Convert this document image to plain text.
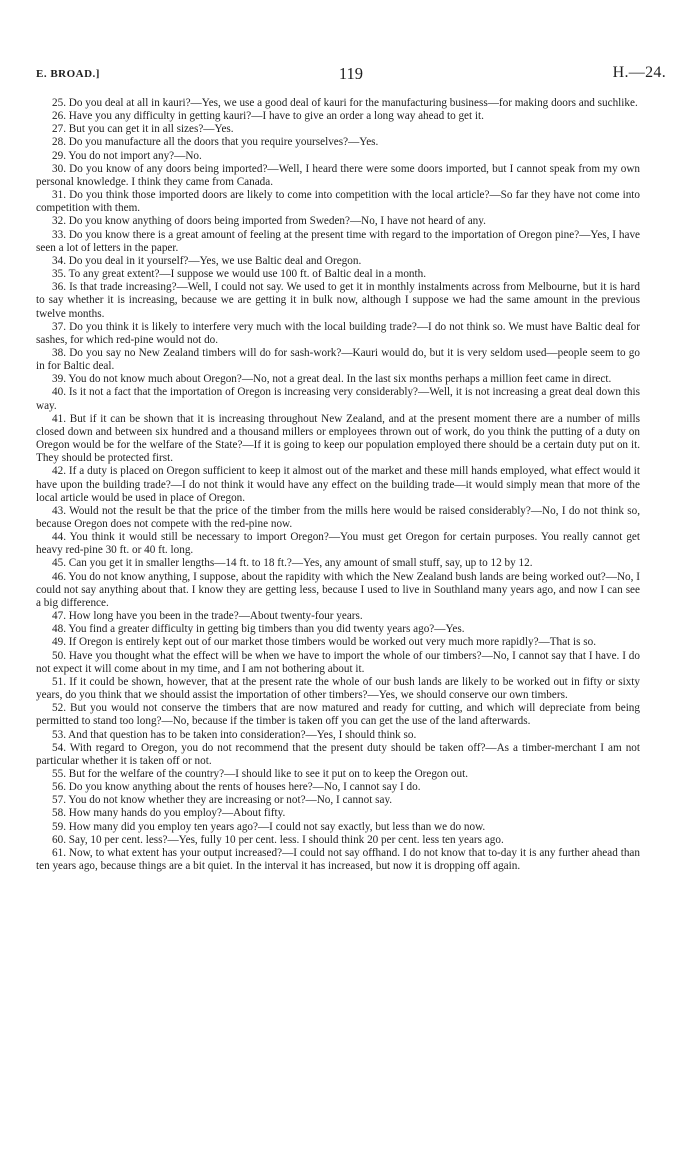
E. BROAD.]	119	H.—24.

25. Do you deal at all in kauri?—Yes, we use a good deal of kauri for the manufacturing business—for making doors and suchlike.

26. Have you any difficulty in getting kauri?—I have to give an order a long way ahead to get it.

27. But you can get it in all sizes?—Yes.

28. Do you manufacture all the doors that you require yourselves?—Yes.

29. You do not import any?—No.

30. Do you know of any doors being imported?—Well, I heard there were some doors imported, but I cannot speak from my own personal knowledge. I think they came from Canada.

31. Do you think those imported doors are likely to come into competition with the local article?—So far they have not come into competition with them.

32. Do you know anything of doors being imported from Sweden?—No, I have not heard of any.

33. Do you know there is a great amount of feeling at the present time with regard to the importation of Oregon pine?—Yes, I have seen a lot of letters in the paper.

34. Do you deal in it yourself?—Yes, we use Baltic deal and Oregon.

35. To any great extent?—I suppose we would use 100 ft. of Baltic deal in a month.

36. Is that trade increasing?—Well, I could not say. We used to get it in monthly instalments across from Melbourne, but it is hard to say whether it is increasing, because we are getting it in bulk now, although I suppose we had the same amount in the previous twelve months.

37. Do you think it is likely to interfere very much with the local building trade?—I do not think so. We must have Baltic deal for sashes, for which red-pine would not do.

38. Do you say no New Zealand timbers will do for sash-work?—Kauri would do, but it is very seldom used—people seem to go in for Baltic deal.

39. You do not know much about Oregon?—No, not a great deal. In the last six months perhaps a million feet came in direct.

40. Is it not a fact that the importation of Oregon is increasing very considerably?—Well, it is not increasing a great deal down this way.

41. But if it can be shown that it is increasing throughout New Zealand, and at the present moment there are a number of mills closed down and between six hundred and a thousand millers or employees thrown out of work, do you think the putting of a duty on Oregon would be for the welfare of the State?—If it is going to keep our population employed there should be a certain duty put on it. They should be protected first.

42. If a duty is placed on Oregon sufficient to keep it almost out of the market and these mill hands employed, what effect would it have upon the building trade?—I do not think it would have any effect on the building trade—it would simply mean that more of the local article would be used in place of Oregon.

43. Would not the result be that the price of the timber from the mills here would be raised considerably?—No, I do not think so, because Oregon does not compete with the red-pine now.

44. You think it would still be necessary to import Oregon?—You must get Oregon for certain purposes. You really cannot get heavy red-pine 30 ft. or 40 ft. long.

45. Can you get it in smaller lengths—14 ft. to 18 ft.?—Yes, any amount of small stuff, say, up to 12 by 12.

46. You do not know anything, I suppose, about the rapidity with which the New Zealand bush lands are being worked out?—No, I could not say anything about that. I know they are getting less, because I used to live in Southland many years ago, and now I can see a big difference.

47. How long have you been in the trade?—About twenty-four years.

48. You find a greater difficulty in getting big timbers than you did twenty years ago?—Yes.

49. If Oregon is entirely kept out of our market those timbers would be worked out very much more rapidly?—That is so.

50. Have you thought what the effect will be when we have to import the whole of our timbers?—No, I cannot say that I have. I do not expect it will come about in my time, and I am not bothering about it.

51. If it could be shown, however, that at the present rate the whole of our bush lands are likely to be worked out in fifty or sixty years, do you think that we should assist the importation of other timbers?—Yes, we should conserve our own timbers.

52. But you would not conserve the timbers that are now matured and ready for cutting, and which will depreciate from being permitted to stand too long?—No, because if the timber is taken off you can get the use of the land afterwards.

53. And that question has to be taken into consideration?—Yes, I should think so.

54. With regard to Oregon, you do not recommend that the present duty should be taken off?—As a timber-merchant I am not particular whether it is taken off or not.

55. But for the welfare of the country?—I should like to see it put on to keep the Oregon out.

56. Do you know anything about the rents of houses here?—No, I cannot say I do.

57. You do not know whether they are increasing or not?—No, I cannot say.

58. How many hands do you employ?—About fifty.

59. How many did you employ ten years ago?—I could not say exactly, but less than we do now.

60. Say, 10 per cent. less?—Yes, fully 10 per cent. less. I should think 20 per cent. less ten years ago.

61. Now, to what extent has your output increased?—I could not say offhand. I do not know that to-day it is any further ahead than ten years ago, because things are a bit quiet. In the interval it has increased, but now it is dropping off again.
